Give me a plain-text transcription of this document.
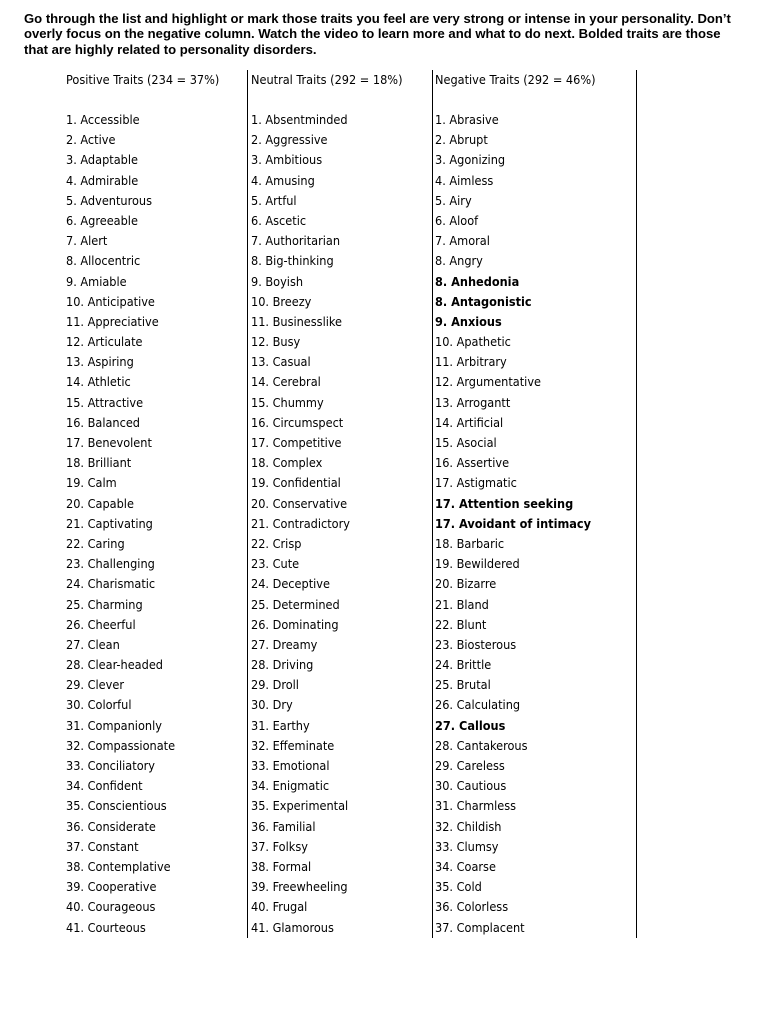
Go through the list and highlight or mark those traits you feel are very strong or intense in your personality. Don’t overly focus on the negative column. Watch the video to learn more and what to do next. Bolded traits are those that are highly related to personality disorders.

Positive Traits (234 = 37%)
1. Accessible
2. Active
3. Adaptable
4. Admirable
5. Adventurous
6. Agreeable
7. Alert
8. Allocentric
9. Amiable
10. Anticipative
11. Appreciative
12. Articulate
13. Aspiring
14. Athletic
15. Attractive
16. Balanced
17. Benevolent
18. Brilliant
19. Calm
20. Capable
21. Captivating
22. Caring
23. Challenging
24. Charismatic
25. Charming
26. Cheerful
27. Clean
28. Clear-headed
29. Clever
30. Colorful
31. Companionly
32. Compassionate
33. Conciliatory
34. Confident
35. Conscientious
36. Considerate
37. Constant
38. Contemplative
39. Cooperative
40. Courageous
41. Courteous
Neutral Traits (292 = 18%)
1. Absentminded
2. Aggressive
3. Ambitious
4. Amusing
5. Artful
6. Ascetic
7. Authoritarian
8. Big-thinking
9. Boyish
10. Breezy
11. Businesslike
12. Busy
13. Casual
14. Cerebral
15. Chummy
16. Circumspect
17. Competitive
18. Complex
19. Confidential
20. Conservative
21. Contradictory
22. Crisp
23. Cute
24. Deceptive
25. Determined
26. Dominating
27. Dreamy
28. Driving
29. Droll
30. Dry
31. Earthy
32. Effeminate
33. Emotional
34. Enigmatic
35. Experimental
36. Familial
37. Folksy
38. Formal
39. Freewheeling
40. Frugal
41. Glamorous
Negative Traits (292 = 46%)
1. Abrasive
2. Abrupt
3. Agonizing
4. Aimless
5. Airy
6. Aloof
7. Amoral
8. Angry
8. Anhedonia
8. Antagonistic
9. Anxious
10. Apathetic
11. Arbitrary
12. Argumentative
13. Arrogantt
14. Artificial
15. Asocial
16. Assertive
17. Astigmatic
17. Attention seeking
17. Avoidant of intimacy
18. Barbaric
19. Bewildered
20. Bizarre
21. Bland
22. Blunt
23. Biosterous
24. Brittle
25. Brutal
26. Calculating
27. Callous
28. Cantakerous
29. Careless
30. Cautious
31. Charmless
32. Childish
33. Clumsy
34. Coarse
35. Cold
36. Colorless
37. Complacent
